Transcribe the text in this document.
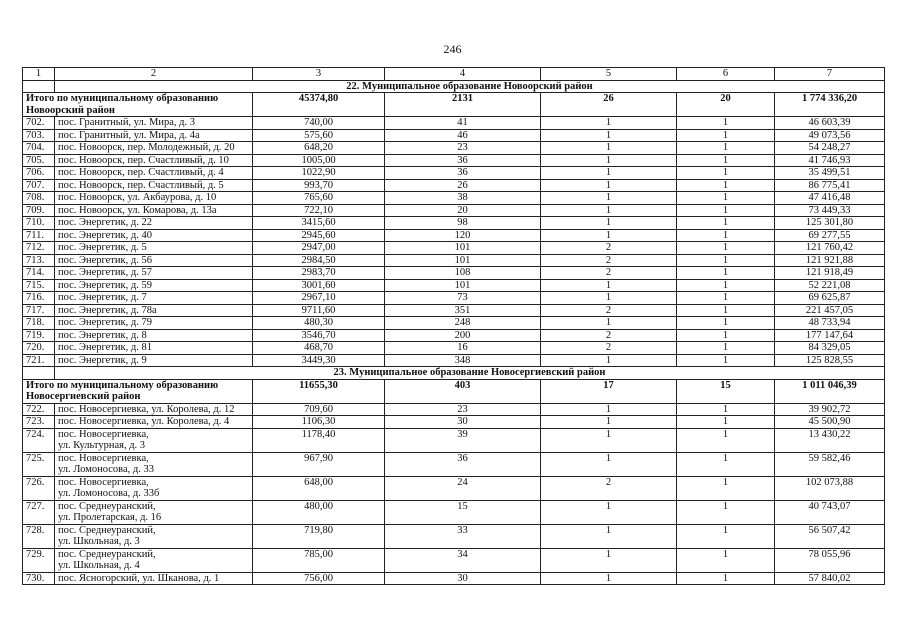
246
1	2	3	4	5	6	7
	22. Муниципальное образование Новоорский район					
Итого по муниципальному образованию Новоорский район		45374,80	2131	26	20	1 774 336,20
702.	пос. Гранитный, ул. Мира, д. 3	740,00	41	1	1	46 603,39
703.	пос. Гранитный, ул. Мира, д. 4а	575,60	46	1	1	49 073,56
704.	пос. Новоорск, пер. Молодежный, д. 20	648,20	23	1	1	54 248,27
705.	пос. Новоорск, пер. Счастливый, д. 10	1005,00	36	1	1	41 746,93
706.	пос. Новоорск, пер. Счастливый, д. 4	1022,90	36	1	1	35 499,51
707.	пос. Новоорск, пер. Счастливый, д. 5	993,70	26	1	1	86 775,41
708.	пос. Новоорск, ул. Акбаурова, д. 10	765,60	38	1	1	47 416,48
709.	пос. Новоорск, ул. Комарова, д. 13а	722,10	20	1	1	73 449,33
710.	пос. Энергетик, д. 22	3415,60	98	1	1	125 301,80
711.	пос. Энергетик, д. 40	2945,60	120	1	1	69 277,55
712.	пос. Энергетик, д. 5	2947,00	101	2	1	121 760,42
713.	пос. Энергетик, д. 56	2984,50	101	2	1	121 921,88
714.	пос. Энергетик, д. 57	2983,70	108	2	1	121 918,49
715.	пос. Энергетик, д. 59	3001,60	101	1	1	52 221,08
716.	пос. Энергетик, д. 7	2967,10	73	1	1	69 625,87
717.	пос. Энергетик, д. 78а	9711,60	351	2	1	221 457,05
718.	пос. Энергетик, д. 79	480,30	248	1	1	48 733,94
719.	пос. Энергетик, д. 8	3546,70	200	2	1	177 147,64
720.	пос. Энергетик, д. 81	468,70	16	2	1	84 329,05
721.	пос. Энергетик, д. 9	3449,30	348	1	1	125 828,55
	23. Муниципальное образование Новосергиевский район					
Итого по муниципальному образованию Новосергиевский район		11655,30	403	17	15	1 011 046,39
722.	пос. Новосергиевка, ул. Королева, д. 12	709,60	23	1	1	39 902,72
723.	пос. Новосергиевка, ул. Королева, д. 4	1106,30	30	1	1	45 500,90
724.	пос. Новосергиевка,
ул. Культурная, д. 3	1178,40	39	1	1	13 430,22
725.	пос. Новосергиевка,
ул. Ломоносова, д. 33	967,90	36	1	1	59 582,46
726.	пос. Новосергиевка,
ул. Ломоносова, д. 33б	648,00	24	2	1	102 073,88
727.	пос. Среднеуранский,
ул. Пролетарская, д. 16	480,00	15	1	1	40 743,07
728.	пос. Среднеуранский,
ул. Школьная, д. 3	719,80	33	1	1	56 507,42
729.	пос. Среднеуранский,
ул. Школьная, д. 4	785,00	34	1	1	78 055,96
730.	пос. Ясногорский, ул. Шканова, д. 1	756,00	30	1	1	57 840,02
